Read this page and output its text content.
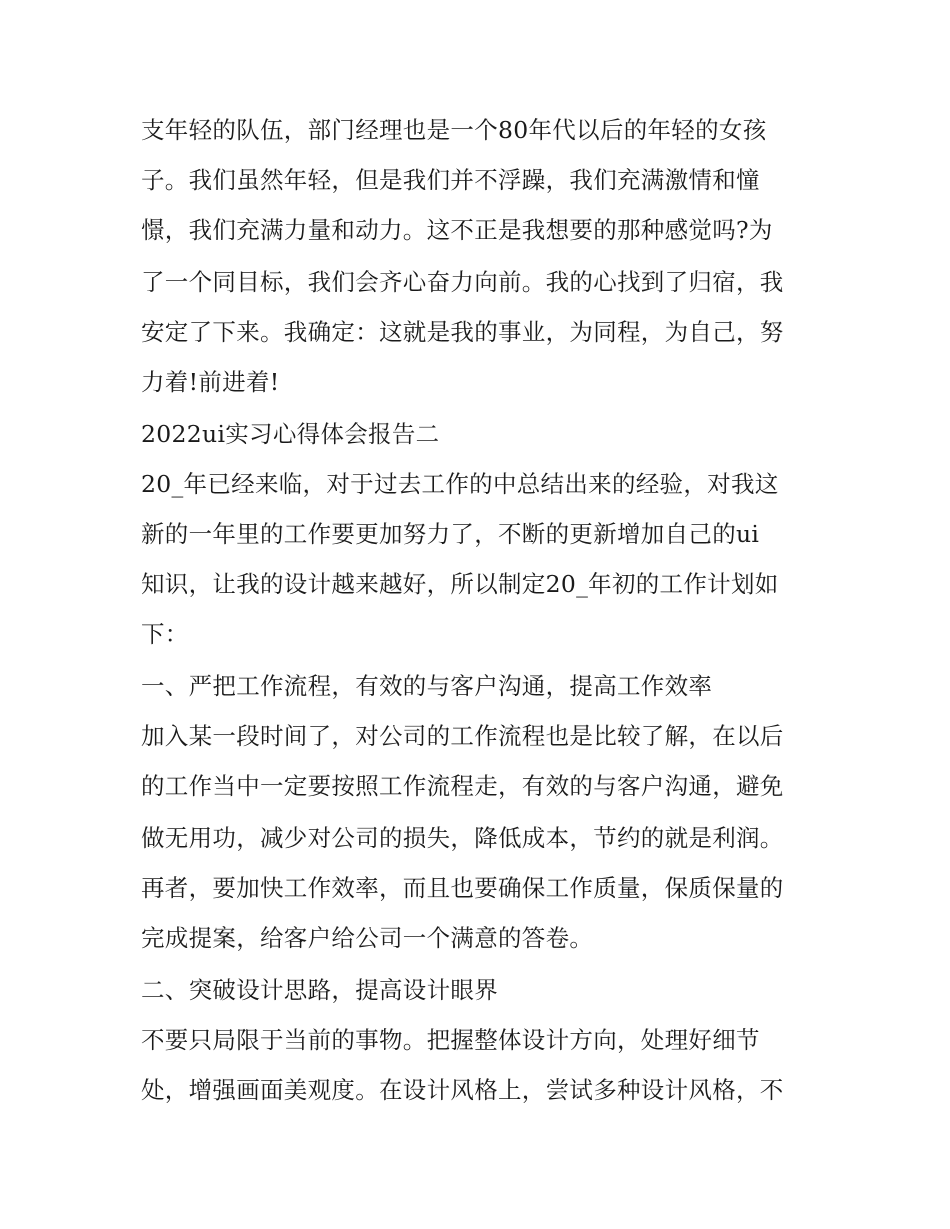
支年轻的队伍，部门经理也是一个80年代以后的年轻的女孩
子。我们虽然年轻，但是我们并不浮躁，我们充满激情和憧
憬，我们充满力量和动力。这不正是我想要的那种感觉吗?为
了一个同目标，我们会齐心奋力向前。我的心找到了归宿，我
安定了下来。我确定：这就是我的事业，为同程，为自己，努
力着!前进着!
2022ui实习心得体会报告二
20_年已经来临，对于过去工作的中总结出来的经验，对我这
新的一年里的工作要更加努力了，不断的更新增加自己的ui
知识，让我的设计越来越好，所以制定20_年初的工作计划如
下：
一、严把工作流程，有效的与客户沟通，提高工作效率
加入某一段时间了，对公司的工作流程也是比较了解，在以后
的工作当中一定要按照工作流程走，有效的与客户沟通，避免
做无用功，减少对公司的损失，降低成本，节约的就是利润。
再者，要加快工作效率，而且也要确保工作质量，保质保量的
完成提案，给客户给公司一个满意的答卷。
二、突破设计思路，提高设计眼界
不要只局限于当前的事物。把握整体设计方向，处理好细节
处，增强画面美观度。在设计风格上，尝试多种设计风格，不
